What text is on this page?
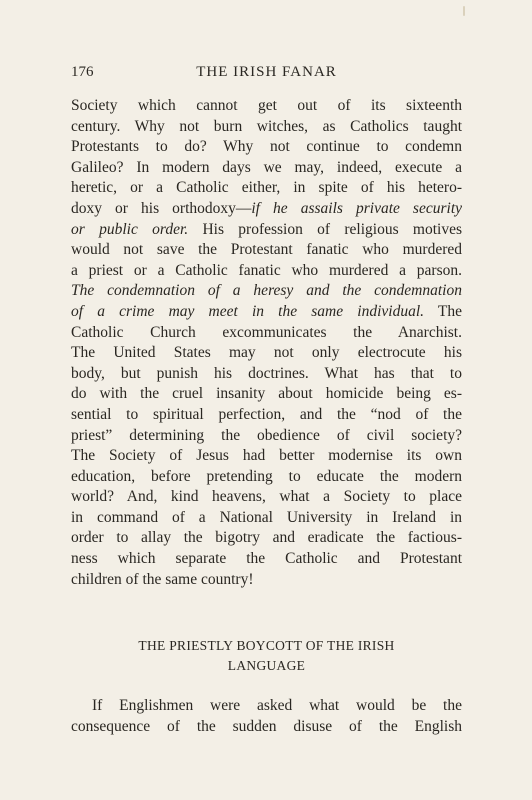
176	THE IRISH FANAR
Society which cannot get out of its sixteenth
century. Why not burn witches, as Catholics taught
Protestants to do? Why not continue to condemn
Galileo? In modern days we may, indeed, execute a
heretic, or a Catholic either, in spite of his hetero-
doxy or his orthodoxy—if he assails private security
or public order. His profession of religious motives
would not save the Protestant fanatic who murdered
a priest or a Catholic fanatic who murdered a parson.
The condemnation of a heresy and the condemnation
of a crime may meet in the same individual. The
Catholic Church excommunicates the Anarchist.
The United States may not only electrocute his
body, but punish his doctrines. What has that to
do with the cruel insanity about homicide being es-
sential to spiritual perfection, and the “nod of the
priest” determining the obedience of civil society?
The Society of Jesus had better modernise its own
education, before pretending to educate the modern
world? And, kind heavens, what a Society to place
in command of a National University in Ireland in
order to allay the bigotry and eradicate the factious-
ness which separate the Catholic and Protestant
children of the same country!
THE PRIESTLY BOYCOTT OF THE IRISH
LANGUAGE
If Englishmen were asked what would be the
consequence of the sudden disuse of the English
